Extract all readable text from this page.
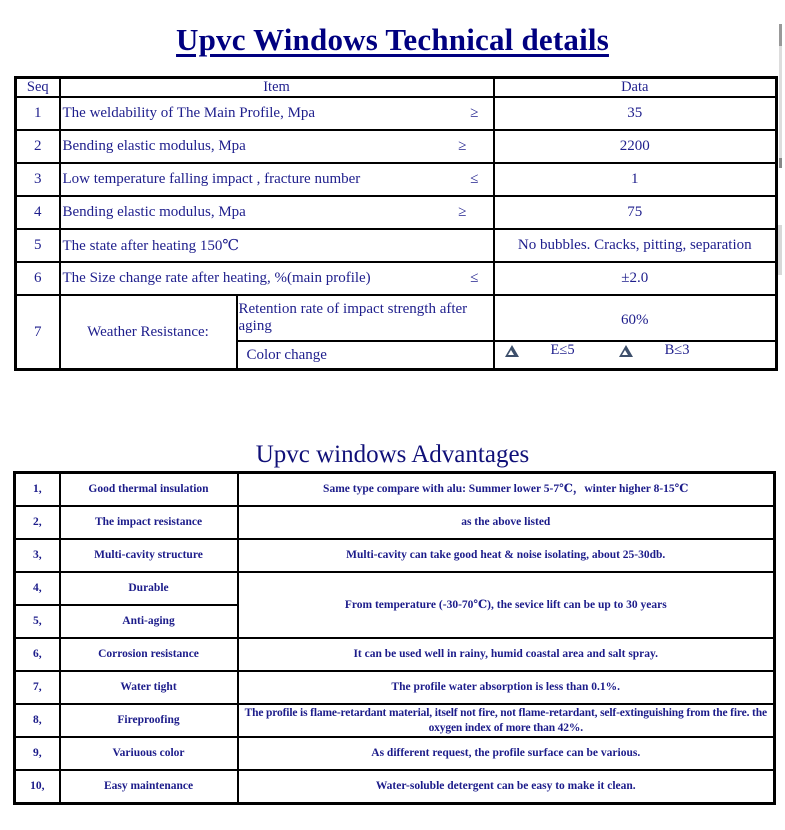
Upvc Windows Technical details
Seq	Item		Data
1	The weldability of The Main Profile, Mpa ≥		35
2	Bending elastic modulus, Mpa ≥		2200
3	Low temperature falling impact , fracture number ≤		1
4	Bending elastic modulus, Mpa ≥		75
5	The state after heating 150℃		No bubbles. Cracks, pitting, separation
6	The Size change rate after heating, %(main profile) ≤		±2.0
7	Weather Resistance:	Retention rate of impact strength after aging	60%
		Color change	E≤5 B≤3
Upvc windows Advantages
1,	Good thermal insulation	Same type compare with alu: Summer lower 5-7℃，winter higher 8-15℃
2,	The impact resistance	as the above listed
3,	Multi-cavity structure	Multi-cavity can take good heat & noise isolating, about 25-30db.
4,	Durable	From temperature (-30-70℃), the sevice lift can be up to 30 years
5,	Anti-aging	
6,	Corrosion resistance	It can be used well in rainy, humid coastal area and salt spray.
7,	Water tight	The profile water absorption is less than 0.1%.
8,	Fireproofing	The profile is flame-retardant material, itself not fire, not flame-retardant, self-extinguishing from the fire. the oxygen index of more than 42%.
9,	Variuous color	As different request, the profile surface can be various.
10,	Easy maintenance	Water-soluble detergent can be easy to make it clean.
